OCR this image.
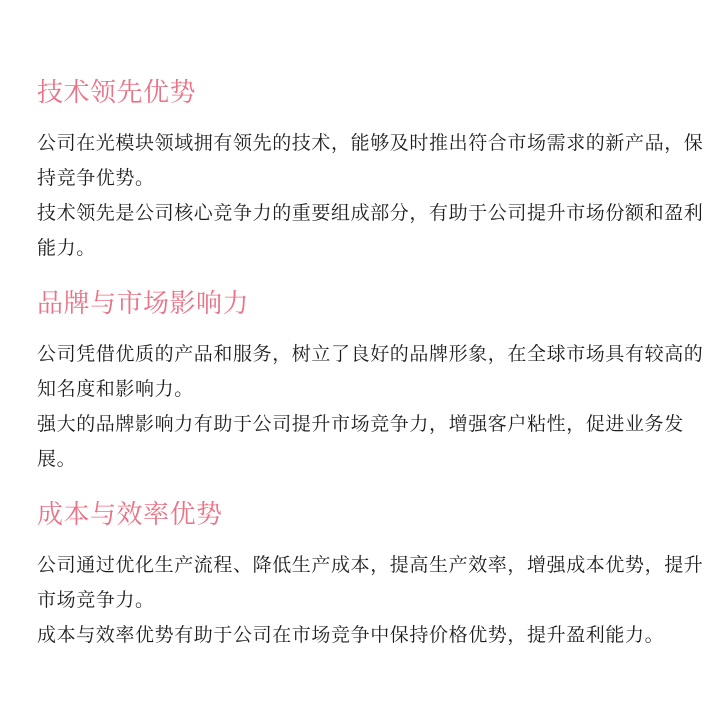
技术领先优势

公司在光模块领域拥有领先的技术，能够及时推出符合市场需求的新产品，保持竞争优势。

技术领先是公司核心竞争力的重要组成部分，有助于公司提升市场份额和盈利能力。

品牌与市场影响力

公司凭借优质的产品和服务，树立了良好的品牌形象，在全球市场具有较高的知名度和影响力。

强大的品牌影响力有助于公司提升市场竞争力，增强客户粘性，促进业务发展。

成本与效率优势

公司通过优化生产流程、降低生产成本，提高生产效率，增强成本优势，提升市场竞争力。

成本与效率优势有助于公司在市场竞争中保持价格优势，提升盈利能力。
